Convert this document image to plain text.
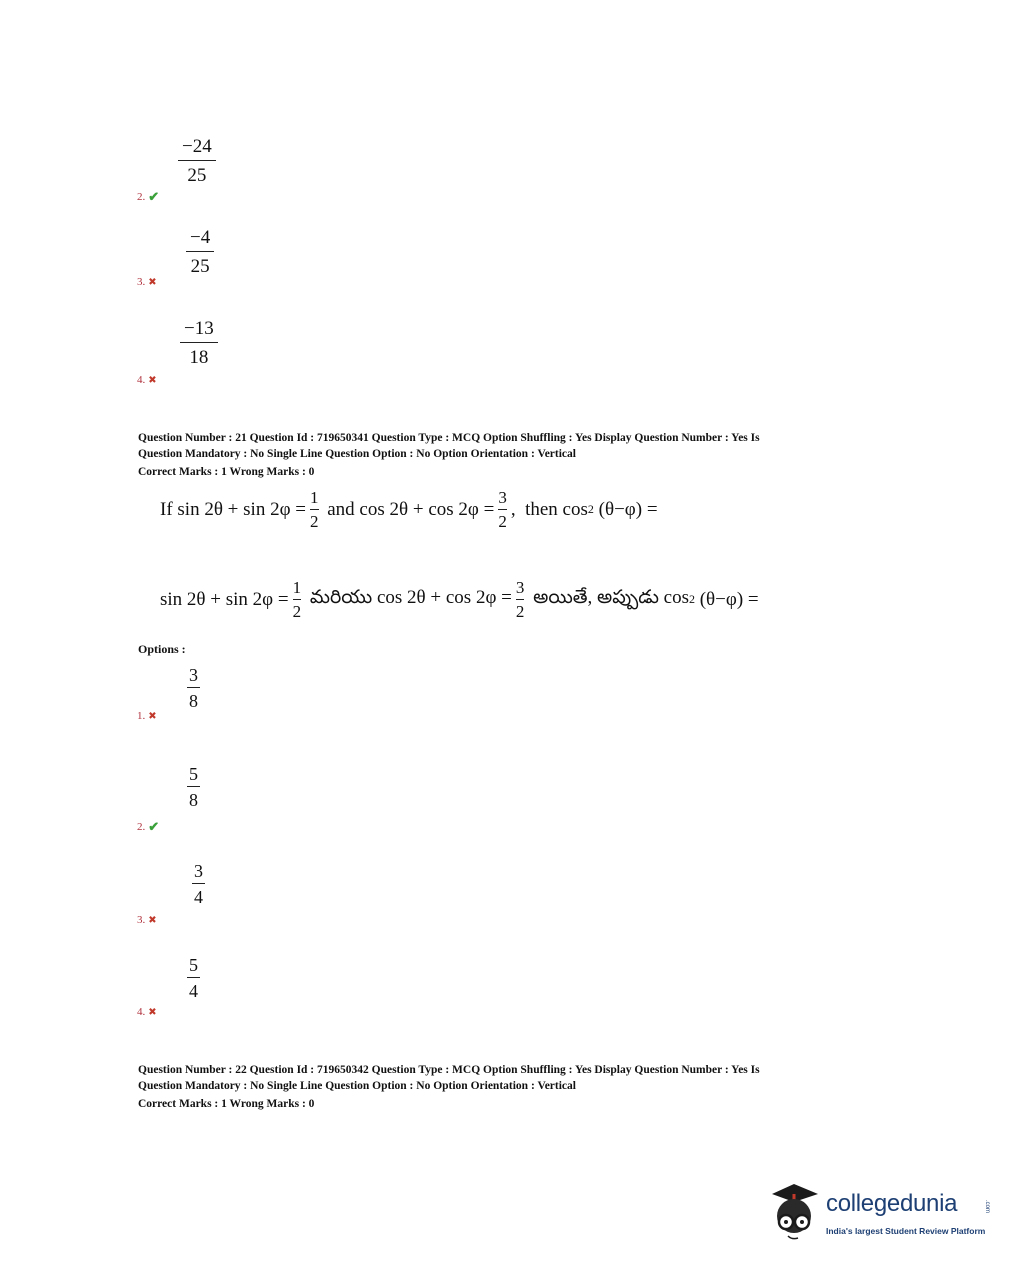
−24
25
2. ✔
−4
25
3. ✖
−13
18
4. ✖
Question Number : 21 Question Id : 719650341 Question Type : MCQ Option Shuffling : Yes Display Question Number : Yes Is
Question Mandatory : No Single Line Question Option : No Option Orientation : Vertical
Correct Marks : 1 Wrong Marks : 0
If sin 2θ + sin 2φ =
1
2
and cos 2θ + cos 2φ =
3
2
,  then cos 2 (θ−φ) =
sin 2θ + sin 2φ =
1
2
మరియు cos 2θ + cos 2φ = 3
2
అయితే, అప్పుడు cos 2 (θ−φ) =
Options :
3
8
1. ✖
5
8
2. ✔
3
4
3. ✖
5
4
4. ✖
Question Number : 22 Question Id : 719650342 Question Type : MCQ Option Shuffling : Yes Display Question Number : Yes Is
Question Mandatory : No Single Line Question Option : No Option Orientation : Vertical
Correct Marks : 1 Wrong Marks : 0
collegedunia	.com
India's largest Student Review Platform
